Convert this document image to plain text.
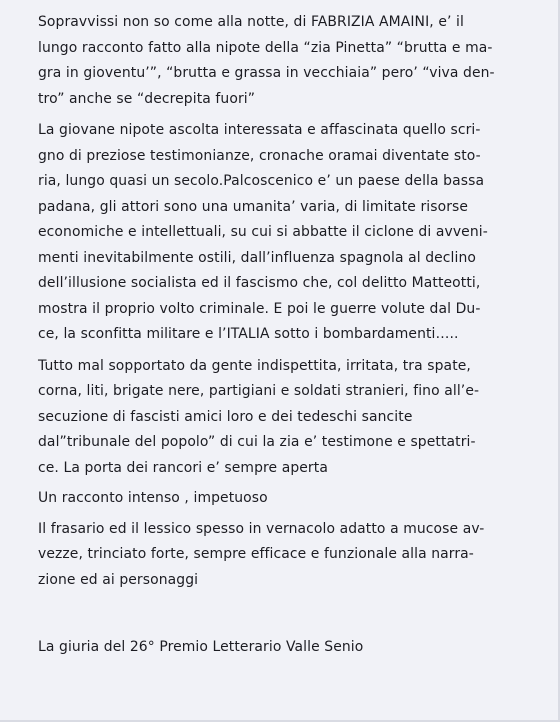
Sopravvissi non so come alla notte, di FABRIZIA AMAINI, e’ il
lungo racconto fatto alla nipote della “zia Pinetta” “brutta e ma-
gra in gioventu’”, “brutta e grassa in vecchiaia” pero’ “viva den-
tro” anche se “decrepita fuori”
La giovane nipote ascolta interessata e affascinata quello scri-
gno di preziose testimonianze, cronache oramai diventate sto-
ria, lungo quasi un secolo.Palcoscenico e’ un paese della bassa
padana, gli attori sono una umanita’ varia, di limitate risorse
economiche e intellettuali, su cui si abbatte il ciclone di avveni-
menti inevitabilmente ostili, dall’influenza spagnola al declino
dell’illusione socialista ed il fascismo che, col delitto Matteotti,
mostra il proprio volto criminale. E poi le guerre volute dal Du-
ce, la sconfitta militare e l’ITALIA sotto i bombardamenti…..
Tutto mal sopportato da gente indispettita, irritata, tra spate,
corna, liti, brigate nere, partigiani e soldati stranieri, fino all’e-
secuzione di fascisti amici loro e dei tedeschi sancite
dal”tribunale del popolo” di cui la zia e’ testimone e spettatri-
ce. La porta dei rancori e’ sempre aperta
Un racconto intenso , impetuoso
Il frasario ed il lessico spesso in vernacolo adatto a mucose av-
vezze, trinciato forte, sempre efficace e funzionale alla narra-
zione ed ai personaggi
La giuria del 26° Premio Letterario Valle Senio
